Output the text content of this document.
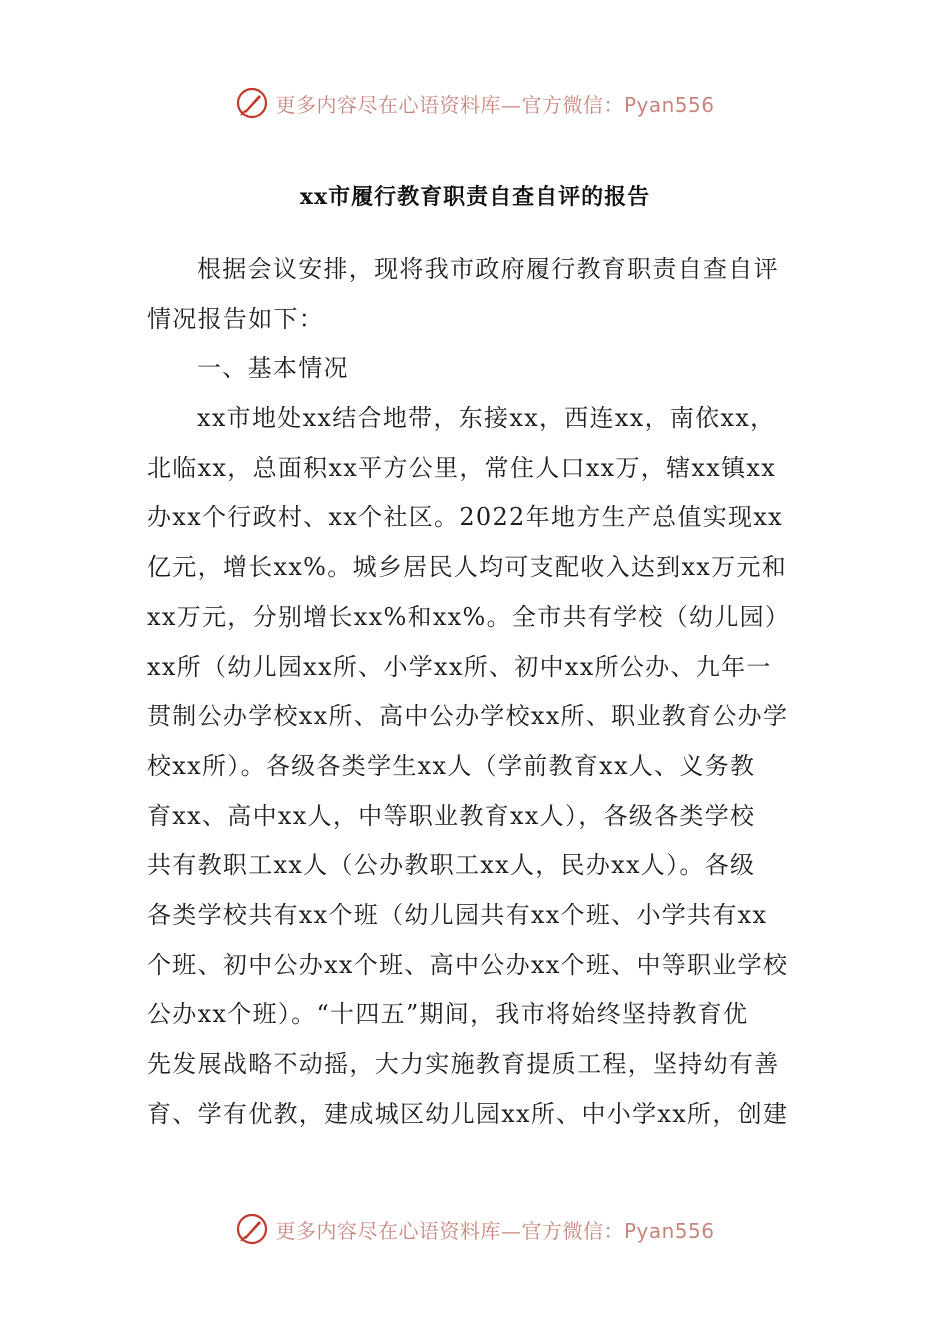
更多内容尽在心语资料库—官方微信：Pyan556
xx市履行教育职责自查自评的报告
根据会议安排，现将我市政府履行教育职责自查自评
情况报告如下：
一、基本情况
xx市地处xx结合地带，东接xx，西连xx，南依xx，
北临xx，总面积xx平方公里，常住人口xx万，辖xx镇xx
办xx个行政村、xx个社区。2022年地方生产总值实现xx
亿元，增长xx%。城乡居民人均可支配收入达到xx万元和
xx万元，分别增长xx%和xx%。全市共有学校（幼儿园）
xx所（幼儿园xx所、小学xx所、初中xx所公办、九年一
贯制公办学校xx所、高中公办学校xx所、职业教育公办学
校xx所）。各级各类学生xx人（学前教育xx人、义务教
育xx、高中xx人，中等职业教育xx人），各级各类学校
共有教职工xx人（公办教职工xx人，民办xx人）。各级
各类学校共有xx个班（幼儿园共有xx个班、小学共有xx
个班、初中公办xx个班、高中公办xx个班、中等职业学校
公办xx个班）。“十四五”期间，我市将始终坚持教育优
先发展战略不动摇，大力实施教育提质工程，坚持幼有善
育、学有优教，建成城区幼儿园xx所、中小学xx所，创建
更多内容尽在心语资料库—官方微信：Pyan556
